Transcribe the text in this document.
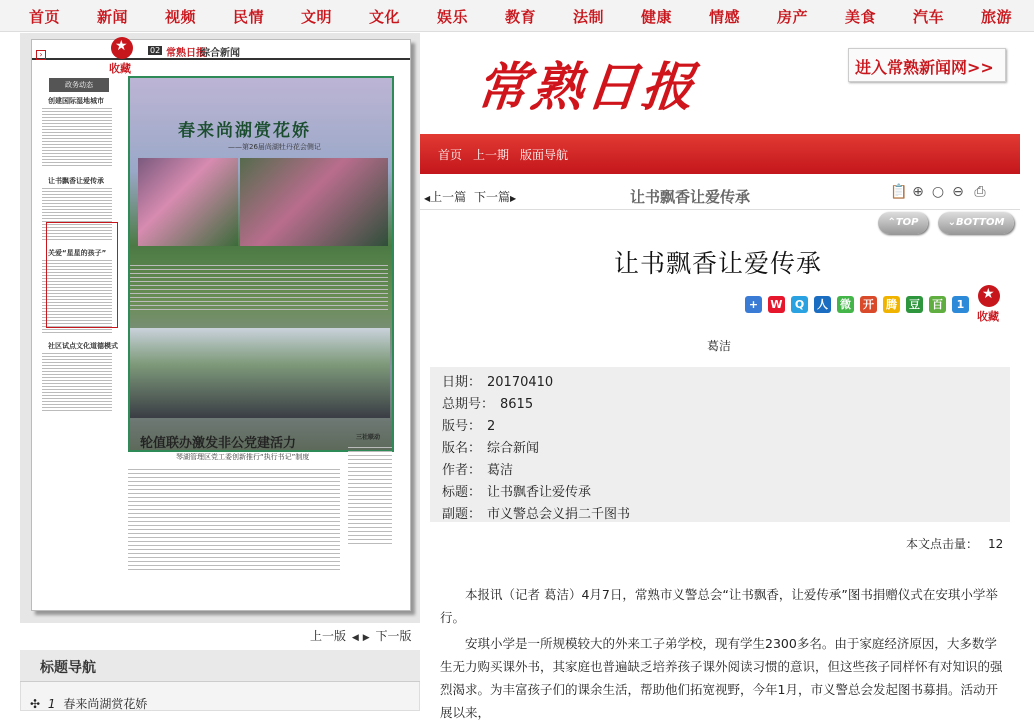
首页 新闻 视频 民情 文明 文化 娱乐 教育 法制 健康 情感 房产 美食 汽车 旅游
02 常熟日报
综合新闻
›
政务动态
创建国际湿地城市
让书飘香让爱传承
关爱“星星的孩子”
社区试点文化道德模式
春来尚湖赏花娇
——第26届尚湖牡丹花会侧记
轮值联办激发非公党建活力
琴湖管理区党工委创新推行“执行书记”制度
三社联动
★
收藏
上一版 ◀ ▶ 下一版
标题导航
✣ 1 春来尚湖赏花娇
常熟日报	进入常熟新闻网>>
首页 上一期 版面导航
◀上一篇 下一篇▶	让书飘香让爱传承	📋 ⊕ ○ ⊖ ⎙
⌃TOP	⌄BOTTOM
让书飘香让爱传承
+	W	Q	人 微 开 腾 豆 百	1
★
收藏
葛洁
日期： 20170410
总期号： 8615
版号： 2
版名： 综合新闻
作者： 葛洁
标题： 让书飘香让爱传承
副题： 市义警总会义捐二千图书
本文点击量： 12
本报讯（记者 葛洁）4月7日，常熟市义警总会“让书飘香，让爱传承”图书捐赠仪式在安琪小学举行。
安琪小学是一所规模较大的外来工子弟学校，现有学生2300多名。由于家庭经济原因，大多数学生无力购买课外书，其家庭也普遍缺乏培养孩子课外阅读习惯的意识，但这些孩子同样怀有对知识的强烈渴求。为丰富孩子们的课余生活，帮助他们拓宽视野，今年1月，市义警总会发起图书募捐。活动开展以来，
